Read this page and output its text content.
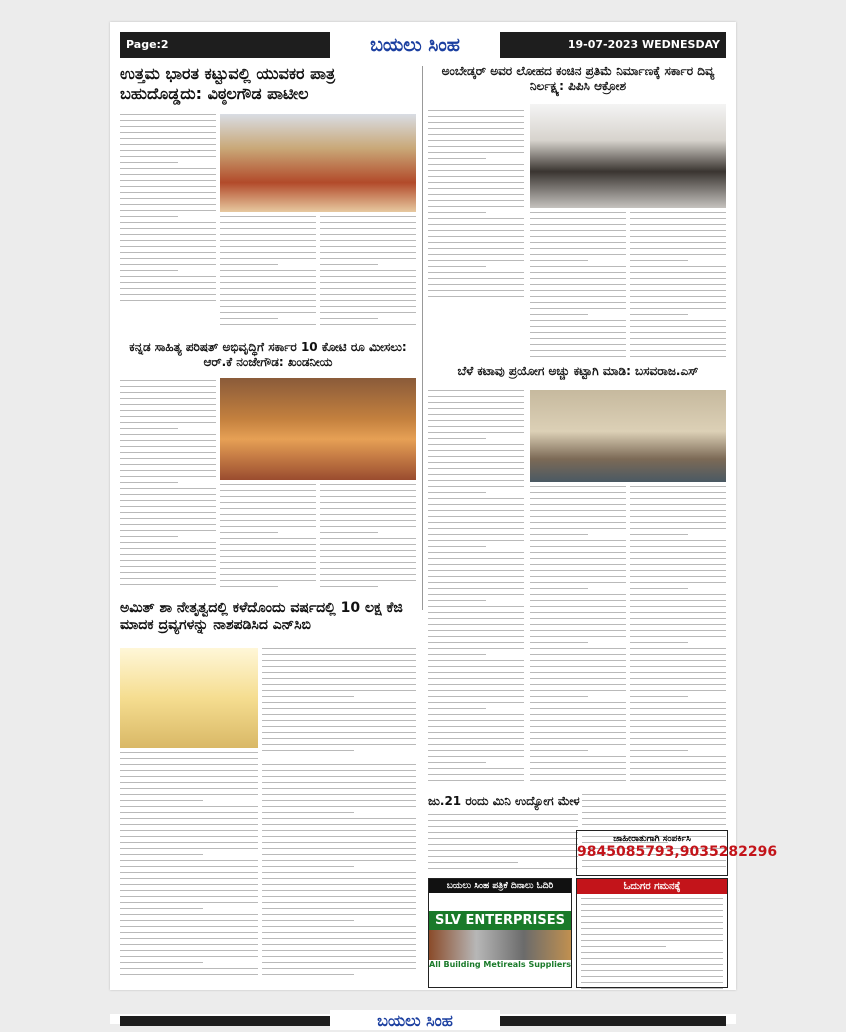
Page:2	ಬಯಲು ಸಿಂಹ	19-07-2023 WEDNESDAY
ಉತ್ತಮ ಭಾರತ ಕಟ್ಟುವಲ್ಲಿ ಯುವಕರ ಪಾತ್ರ ಬಹುದೊಡ್ಡದು: ವಿಠ್ಠಲಗೌಡ ಪಾಟೀಲ
ಅಂಬೇಡ್ಕರ್ ಅವರ ಲೋಹದ ಕಂಚಿನ ಪ್ರತಿಮೆ ನಿರ್ಮಾಣಕ್ಕೆ ಸರ್ಕಾರ ದಿವ್ಯ ನಿರ್ಲಕ್ಷ್ಯ: ಪಿಪಿಸಿ ಆಕ್ರೋಶ
ಕನ್ನಡ ಸಾಹಿತ್ಯ ಪರಿಷತ್ ಅಭಿವೃದ್ಧಿಗೆ ಸರ್ಕಾರ 10 ಕೋಟಿ ರೂ ಮೀಸಲು: ಆರ್.ಕೆ ನಂಜೇಗೌಡ: ಖಂಡನೀಯ
ಬೆಳೆ ಕಟಾವು ಪ್ರಯೋಗ ಅಚ್ಚು ಕಟ್ಟಾಗಿ ಮಾಡಿ: ಬಸವರಾಜ.ಎಸ್
ಅಮಿತ್ ಶಾ ನೇತೃತ್ವದಲ್ಲಿ ಕಳೆದೊಂದು ವರ್ಷದಲ್ಲಿ 10 ಲಕ್ಷ ಕೆಜಿ ಮಾದಕ ದ್ರವ್ಯಗಳನ್ನು ನಾಶಪಡಿಸಿದ ಎನ್‌ಸಿಬಿ
ಜು.21 ರಂದು ಮಿನಿ ಉದ್ಯೋಗ ಮೇಳ
ಬಯಲು ಸಿಂಹ ಪತ್ರಿಕೆ ದಿನಾಲು ಓದಿರಿ
SLV ENTERPRISES
All Building Metireals Suppliers
ಜಾಹೀರಾತುಗಾಗಿ ಸಂಪರ್ಕಿಸಿ
9845085793,9035282296
ಓದುಗರ ಗಮನಕ್ಕೆ
ಬಯಲು ಸಿಂಹ
